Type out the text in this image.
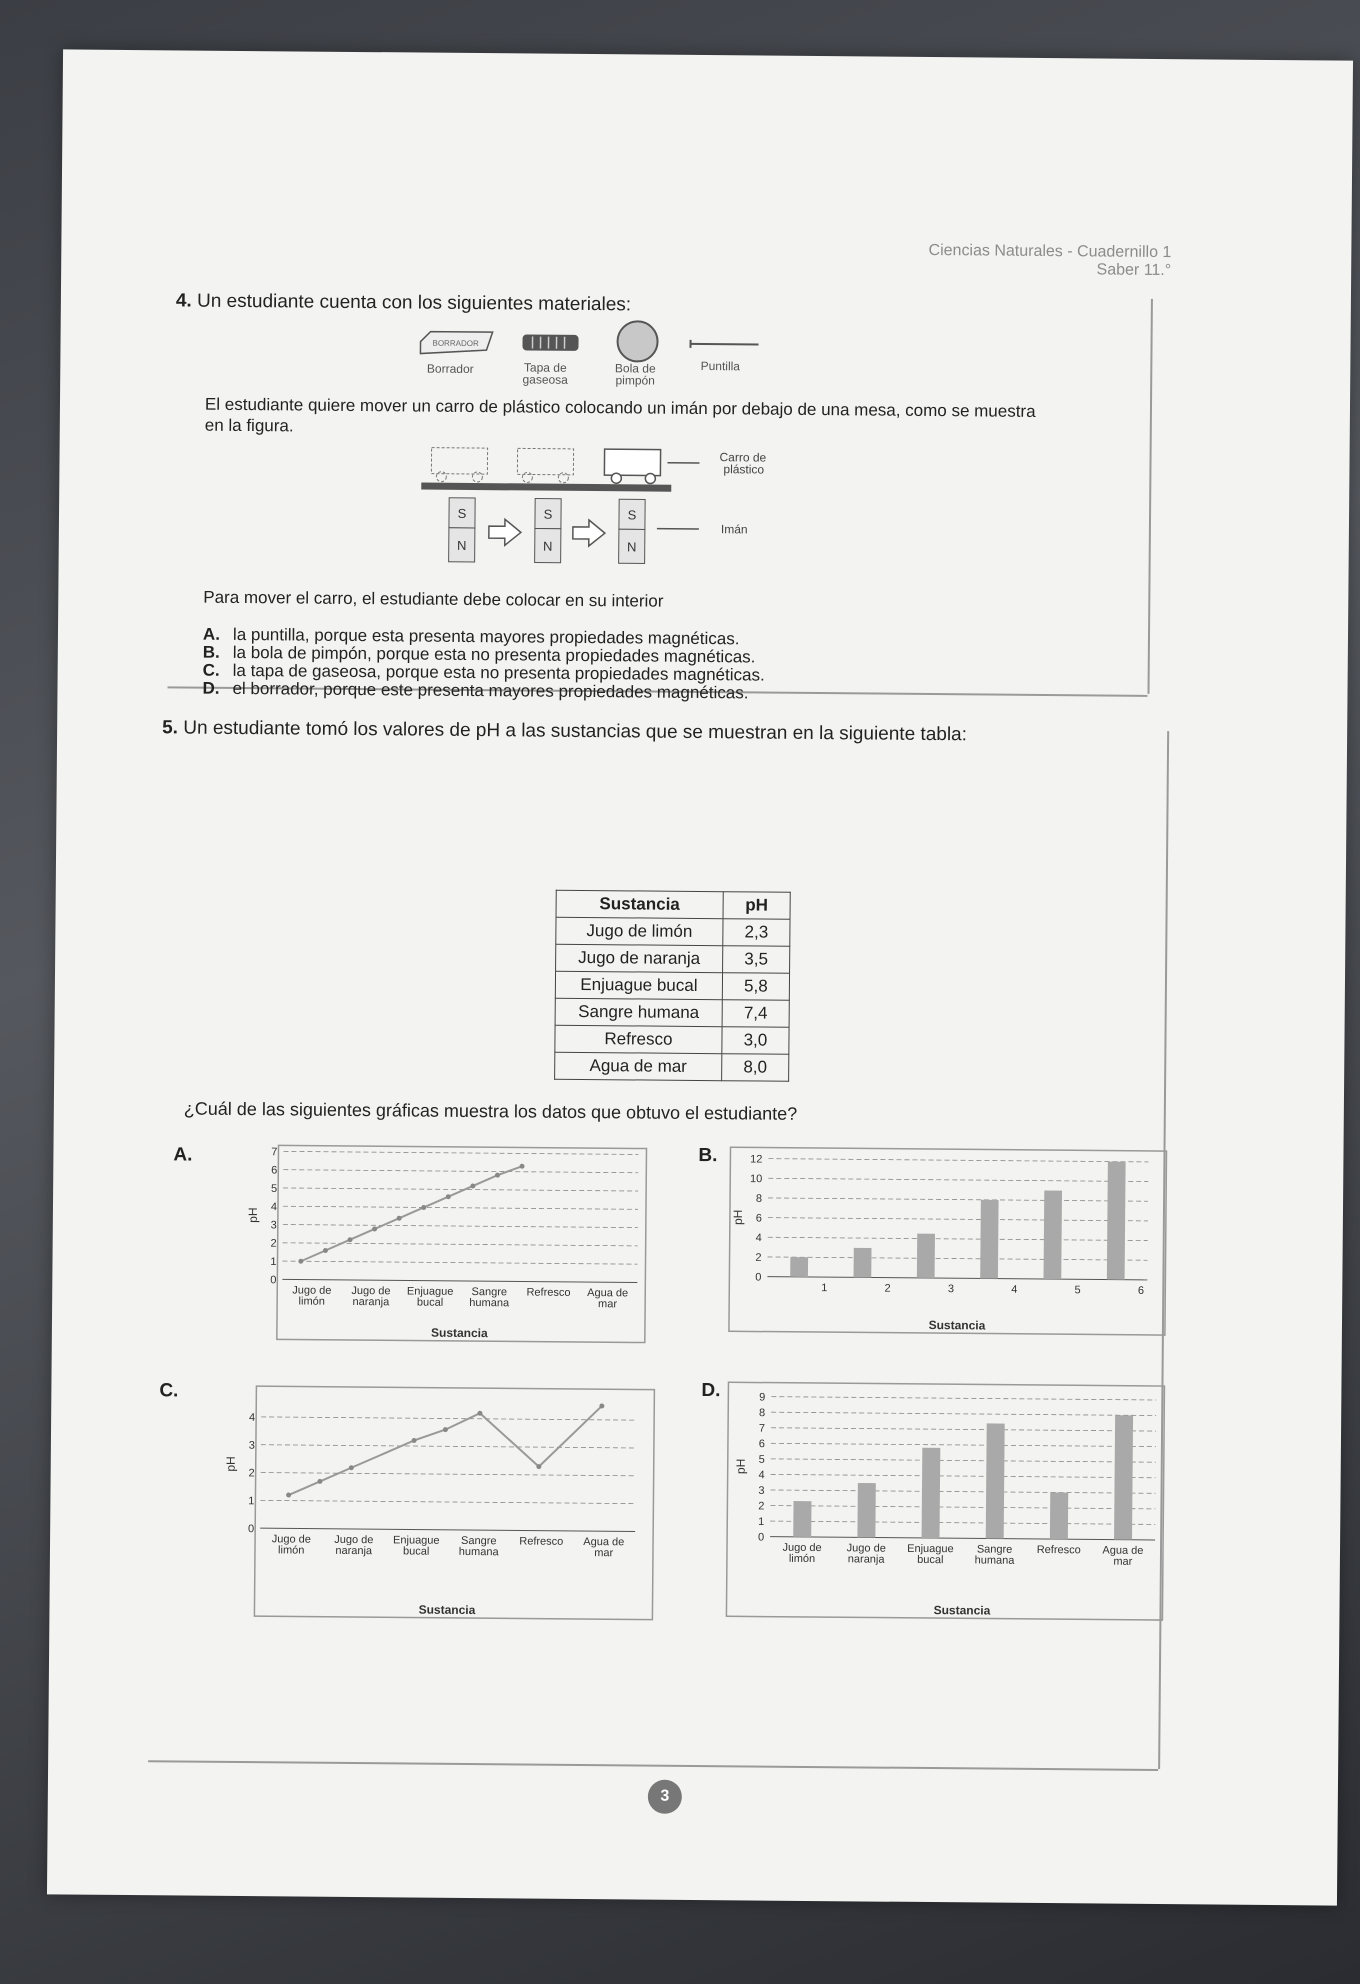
Ciencias Naturales - Cuadernillo 1
Saber 11.°
4. Un estudiante cuenta con los siguientes materiales:
BORRADOR
Borrador	Tapa de
gaseosa
Bola de
pimpón
Puntilla
El estudiante quiere mover un carro de plástico colocando un imán por debajo de una mesa, como se muestra
en la figura.
S
N
S
N
S
N
Carro de
plástico
Imán
Para mover el carro, el estudiante debe colocar en su interior
A. la puntilla, porque esta presenta mayores propiedades magnéticas.
B. la bola de pimpón, porque esta no presenta propiedades magnéticas.
C. la tapa de gaseosa, porque esta no presenta propiedades magnéticas.
D. el borrador, porque este presenta mayores propiedades magnéticas.
5. Un estudiante tomó los valores de pH a las sustancias que se muestran en la siguiente tabla:
Sustancia	pH
Jugo de limón	2,3
Jugo de naranja	3,5
Enjuague bucal	5,8
Sangre humana	7,4
Refresco	3,0
Agua de mar	8,0
¿Cuál de las siguientes gráficas muestra los datos que obtuvo el estudiante?
A.	B.
C.	D.
0
1
2
3
4
5
6
7
pH
Sustancia
Jugo de
limón
Jugo de
naranja
Enjuague
bucal
Sangre
humana
Refresco Agua de
mar
0
2
4
6
8
10
12
pH
Sustancia
1	2	3	4	5	6
0
1
2
3
4
pH
Sustancia
Jugo de
limón
Jugo de
naranja
Enjuague
bucal
Sangre
humana
Refresco Agua de
mar
0
1
2
3
4
5
6
7
8
9
pH
Sustancia
Jugo de
limón
Jugo de
naranja
Enjuague
bucal
Sangre
humana
Refresco Agua de
mar
3
